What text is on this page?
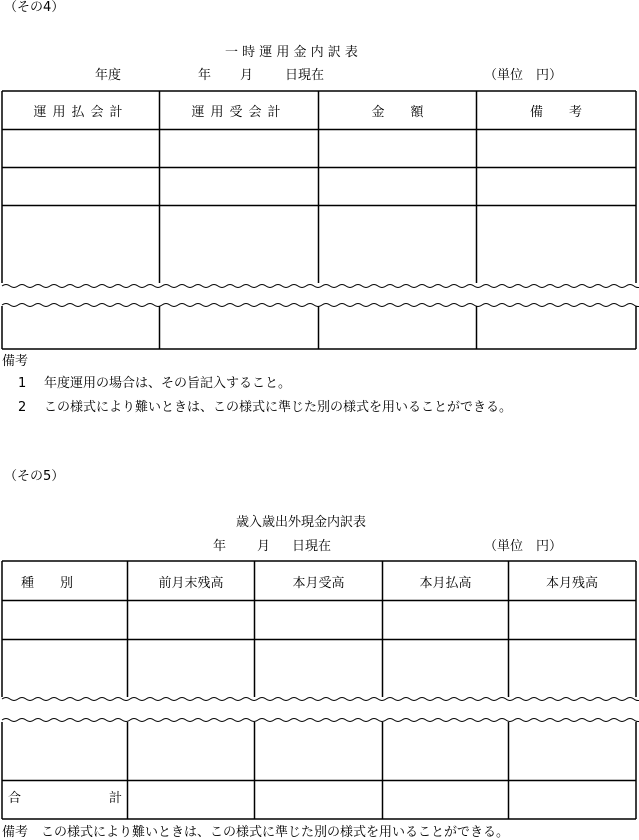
（その4）
一 時 運 用 金 内 訳 表
年度	年 月 日現在	（単位　円）
運用払会計	運用受会計	金　　額	備　　考
備考
1 年度運用の場合は、その旨記入すること。
2 この様式により難いときは、この様式に準じた別の様式を用いることができる。
（その5）
歳入歳出外現金内訳表
年 月 日現在	（単位　円）
種　　別	前月末残高	本月受高	本月払高	本月残高
合　　計
備考　この様式により難いときは、この様式に準じた別の様式を用いることができる。
